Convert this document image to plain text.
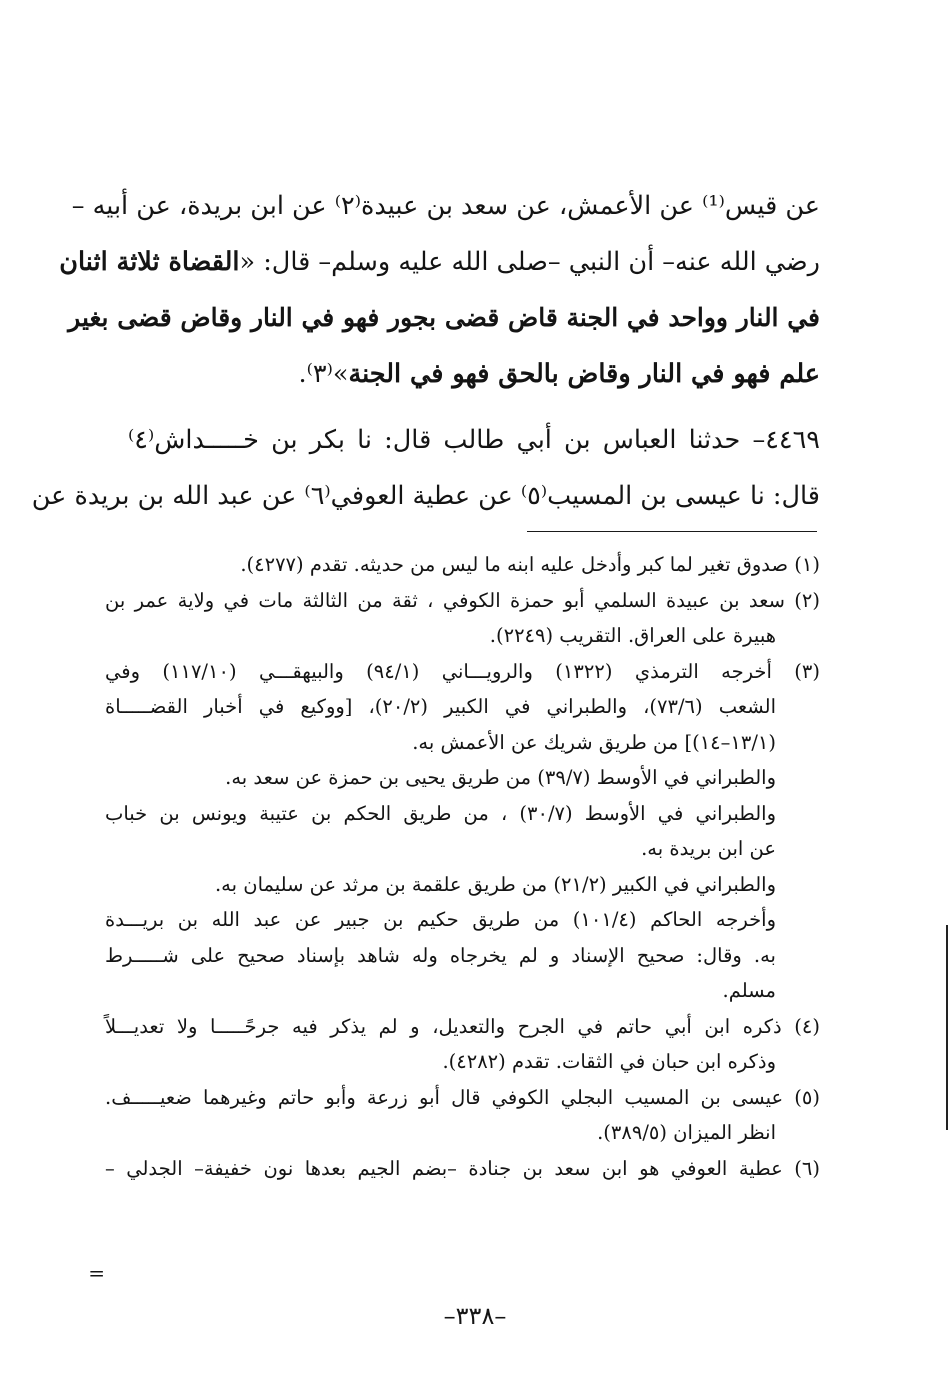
عن قيس⁽¹⁾ عن الأعمش، عن سعد بن عبيدة⁽٢⁾ عن ابن بريدة، عن أبيه –
رضي الله عنه– أن النبي –صلى الله عليه وسلم– قال: «القضاة ثلاثة اثنان
في النار وواحد في الجنة قاض قضى بجور فهو في النار وقاض قضى بغير
علم فهو في النار وقاض بالحق فهو في الجنة»⁽٣⁾.
٤٤٦٩– حدثنا العباس بن أبي طالب قال: نا بكر بن خـــــداش⁽٤⁾
قال: نا عيسى بن المسيب⁽٥⁾ عن عطية العوفي⁽٦⁾ عن عبد الله بن بريدة عن
(١) صدوق تغير لما كبر وأدخل عليه ابنه ما ليس من حديثه. تقدم (٤٢٧٧).
(٢) سعد بن عبيدة السلمي أبو حمزة الكوفي ، ثقة من الثالثة مات في ولاية عمر بن
هبيرة على العراق. التقريب (٢٢٤٩).
(٣) أخرجه الترمذي (١٣٢٢) والرويـــاني (٩٤/١) والبيهقـــي (١١٧/١٠) وفي
الشعب (٧٣/٦)، والطبراني في الكبير (٢٠/٢)، [ووكيع في أخبار القضـــــاة
(١٣/١–١٤)] من طريق شريك عن الأعمش به.
والطبراني في الأوسط (٣٩/٧) من طريق يحيى بن حمزة عن سعد به.
والطبراني في الأوسط (٣٠/٧) ، من طريق الحكم بن عتيبة ويونس بن خباب
عن ابن بريدة به.
والطبراني في الكبير (٢١/٢) من طريق علقمة بن مرثد عن سليمان به.
وأخرجه الحاكم (١٠١/٤) من طريق حكيم بن جبير عن عبد الله بن بريـــدة
به. وقال: صحيح الإسناد و لم يخرجاه وله شاهد بإسناد صحيح على شـــــرط
مسلم.
(٤) ذكره ابن أبي حاتم في الجرح والتعديل، و لم يذكر فيه جرحًـــــا ولا تعديـــلاً
وذكره ابن حبان في الثقات. تقدم (٤٢٨٢).
(٥) عيسى بن المسيب البجلي الكوفي قال أبو زرعة وأبو حاتم وغيرهما ضعيـــــف.
انظر الميزان (٣٨٩/٥).
(٦) عطية العوفي هو ابن سعد بن جنادة –بضم الجيم بعدها نون خفيفة– الجدلي –
=
–٣٣٨–
